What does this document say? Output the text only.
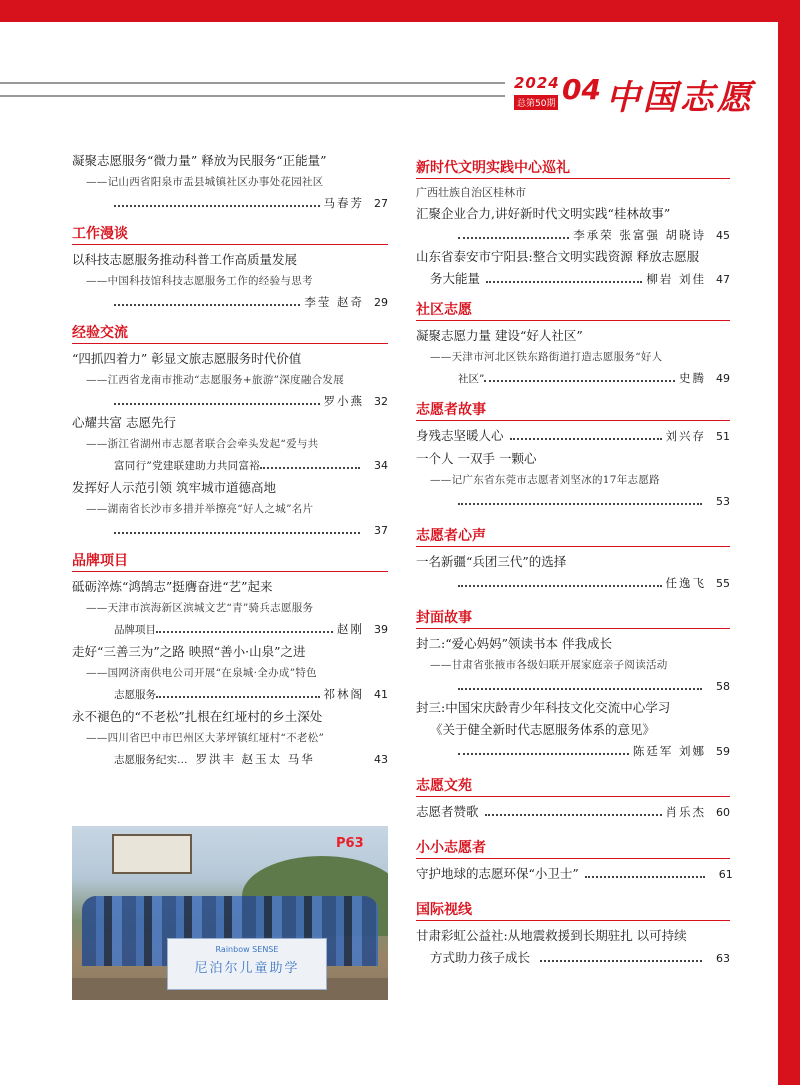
2024
总第50期 04 中国志愿
凝聚志愿服务“微力量” 释放为民服务“正能量”
——记山西省阳泉市盂县城镇社区办事处花园社区
马春芳 27
工作漫谈
以科技志愿服务推动科普工作高质量发展
——中国科技馆科技志愿服务工作的经验与思考
李莹 赵奇 29
经验交流
“四抓四着力” 彰显文旅志愿服务时代价值
——江西省龙南市推动“志愿服务+旅游”深度融合发展
罗小燕 32
心耀共富 志愿先行
——浙江省湖州市志愿者联合会牵头发起“爱与共
富同行”党建联建助力共同富裕	34
发挥好人示范引领 筑牢城市道德高地
——湖南省长沙市多措并举擦亮“好人之城”名片
37
品牌项目
砥砺淬炼“鸿鹄志”挺膺奋进“艺”起来
——天津市滨海新区滨城文艺“青”骑兵志愿服务
品牌项目	赵刚 39
走好“三善三为”之路 映照“善小·山泉”之进
——国网济南供电公司开展“在泉城·全办成”特色
志愿服务	祁林阁 41
永不褪色的“不老松”扎根在红垭村的乡土深处
——四川省巴中市巴州区大茅坪镇红垭村“不老松”
志愿服务纪实… 罗洪丰 赵玉太 马华	43
Rainbow SENSE
尼泊尔儿童助学
P63
新时代文明实践中心巡礼
广西壮族自治区桂林市
汇聚企业合力,讲好新时代文明实践“桂林故事”
李承荣 张富强 胡晓诗 45
山东省泰安市宁阳县:整合文明实践资源 释放志愿服
务大能量	柳岩 刘佳 47
社区志愿
凝聚志愿力量 建设“好人社区”
——天津市河北区铁东路街道打造志愿服务“好人
社区”	史腾 49
志愿者故事
身残志坚暖人心	刘兴存 51
一个人 一双手 一颗心
——记广东省东莞市志愿者刘坚冰的17年志愿路
53
志愿者心声
一名新疆“兵团三代”的选择
任逸飞 55
封面故事
封二:“爱心妈妈”领读书本 伴我成长
——甘肃省张掖市各级妇联开展家庭亲子阅读活动
58
封三:中国宋庆龄青少年科技文化交流中心学习
《关于健全新时代志愿服务体系的意见》
陈廷军 刘娜 59
志愿文苑
志愿者赞歌	肖乐杰 60
小小志愿者
守护地球的志愿环保“小卫士”	61
国际视线
甘肃彩虹公益社:从地震救援到长期驻扎 以可持续
方式助力孩子成长	63
